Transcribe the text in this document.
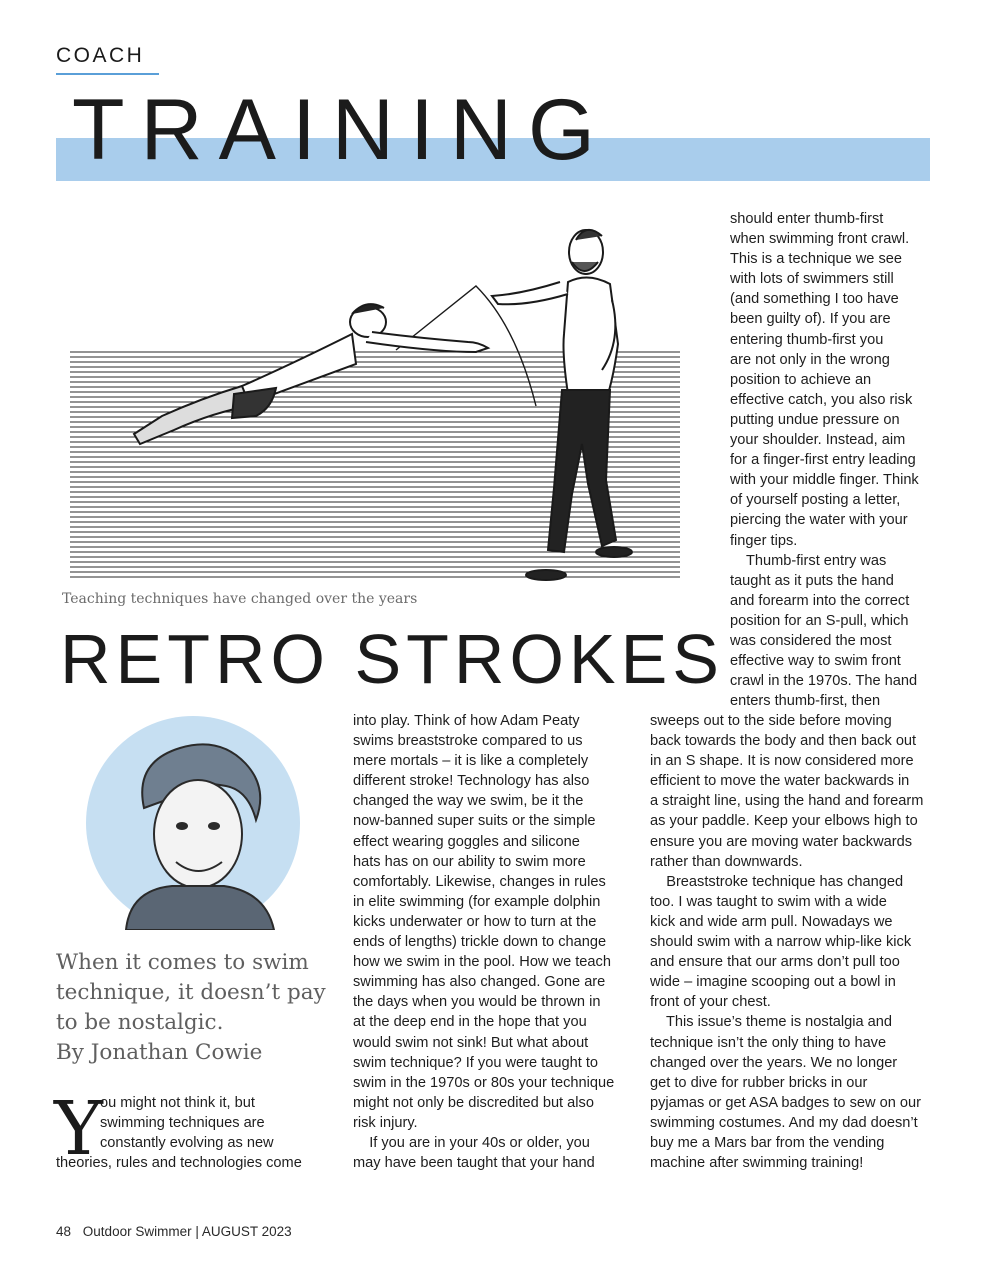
COACH
TRAINING
Teaching techniques have changed over the years
RETRO STROKES
When it comes to swim technique, it doesn’t pay to be nostalgic.
By Jonathan Cowie
Y
ou might not think it, but
swimming techniques are
constantly evolving as new
theories, rules and technologies come
into play. Think of how Adam Peaty
swims breaststroke compared to us
mere mortals – it is like a completely
different stroke! Technology has also
changed the way we swim, be it the
now-banned super suits or the simple
effect wearing goggles and silicone
hats has on our ability to swim more
comfortably. Likewise, changes in rules
in elite swimming (for example dolphin
kicks underwater or how to turn at the
ends of lengths) trickle down to change
how we swim in the pool. How we teach
swimming has also changed. Gone are
the days when you would be thrown in
at the deep end in the hope that you
would swim not sink! But what about
swim technique? If you were taught to
swim in the 1970s or 80s your technique
might not only be discredited but also
risk injury.
If you are in your 40s or older, you
may have been taught that your hand
should enter thumb-first
when swimming front crawl.
This is a technique we see
with lots of swimmers still
(and something I too have
been guilty of). If you are
entering thumb-first you
are not only in the wrong
position to achieve an
effective catch, you also risk
putting undue pressure on
your shoulder. Instead, aim
for a finger-first entry leading
with your middle finger. Think
of yourself posting a letter,
piercing the water with your
finger tips.
Thumb-first entry was
taught as it puts the hand
and forearm into the correct
position for an S-pull, which
was considered the most
effective way to swim front
crawl in the 1970s. The hand
enters thumb-first, then
sweeps out to the side before moving
back towards the body and then back out
in an S shape. It is now considered more
efficient to move the water backwards in
a straight line, using the hand and forearm
as your paddle. Keep your elbows high to
ensure you are moving water backwards
rather than downwards.
Breaststroke technique has changed
too. I was taught to swim with a wide
kick and wide arm pull. Nowadays we
should swim with a narrow whip-like kick
and ensure that our arms don’t pull too
wide – imagine scooping out a bowl in
front of your chest.
This issue’s theme is nostalgia and
technique isn’t the only thing to have
changed over the years. We no longer
get to dive for rubber bricks in our
pyjamas or get ASA badges to sew on our
swimming costumes. And my dad doesn’t
buy me a Mars bar from the vending
machine after swimming training!
48 Outdoor Swimmer | AUGUST 2023
